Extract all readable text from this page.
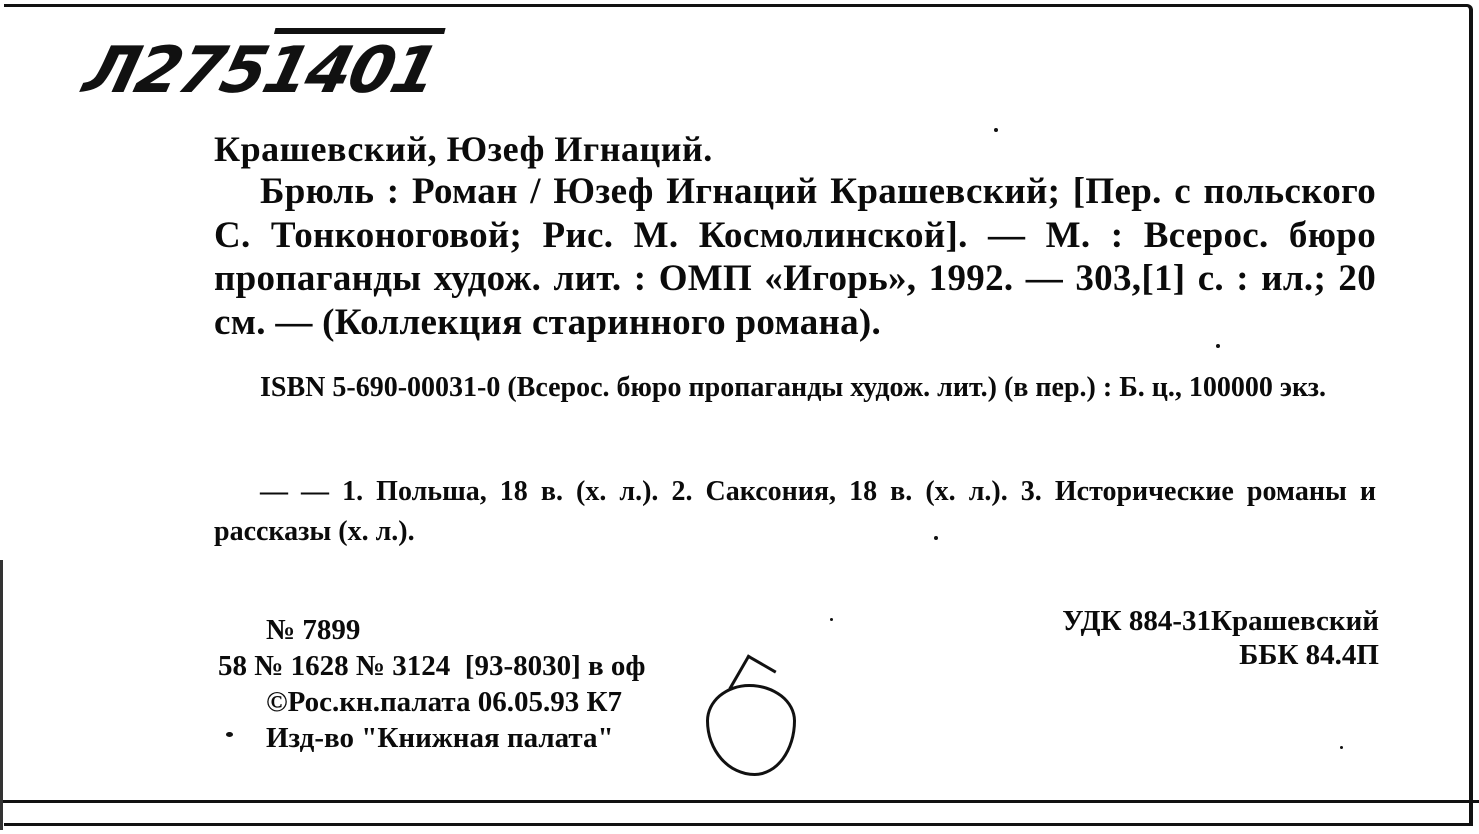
Л2751401
Крашевский, Юзеф Игнаций.
Брюль : Роман / Юзеф Игнаций Крашевский; [Пер. с польского С. Тонконоговой; Рис. М. Космолинской]. — М. : Всерос. бюро пропаганды худож. лит. : ОМП «Игорь», 1992. — 303,[1] с. : ил.; 20 см. — (Коллекция старинного романа).
ISBN 5-690-00031-0 (Всерос. бюро пропаганды худож. лит.) (в пер.) : Б. ц., 100000 экз.
— — 1. Польша, 18 в. (х. л.). 2. Саксония, 18 в. (х. л.). 3. Исторические романы и рассказы (х. л.).
№ 7899
58 № 1628 № 3124  [93-8030] в оф
©Рос.кн.палата 06.05.93 К7
Изд-во "Книжная палата"
УДК 884-31Крашевский
ББК 84.4П
